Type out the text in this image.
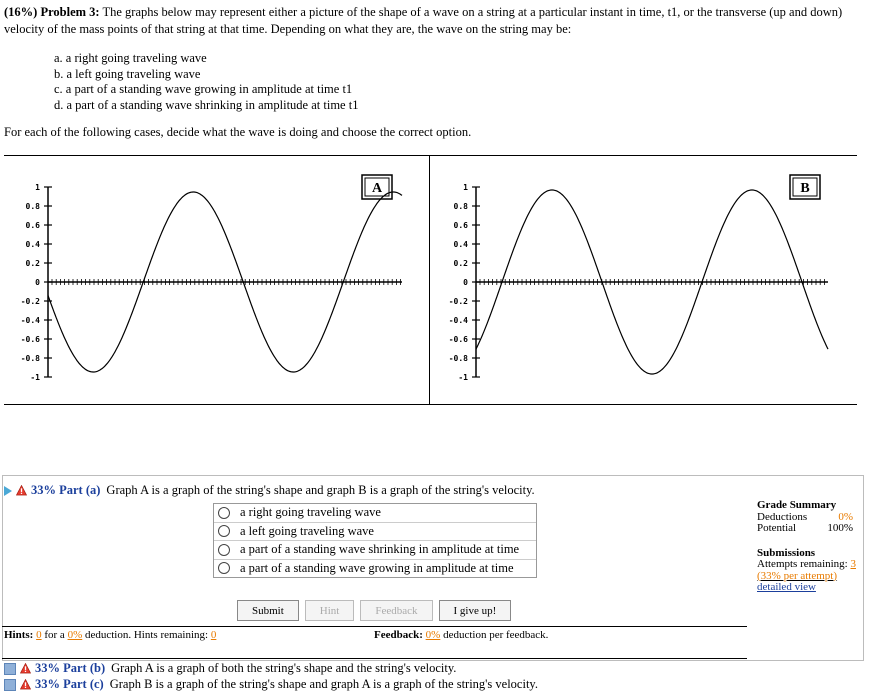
(16%) Problem 3: The graphs below may represent either a picture of the shape of a wave on a string at a particular instant in time, t1, or the transverse (up and down) velocity of the mass points of that string at that time. Depending on what they are, the wave on the string may be:
a. a right going traveling wave
b. a left going traveling wave
c. a part of a standing wave growing in amplitude at time t1
d. a part of a standing wave shrinking in amplitude at time t1
For each of the following cases, decide what the wave is doing and choose the correct option.
A
1
0.8
0.6
0.4
0.2
0
-0.2
-0.4
-0.6
-0.8
-1
B
1
0.8
0.6
0.4
0.2
0
-0.2
-0.4
-0.6
-0.8
-1
33% Part (a) Graph A is a graph of the string's shape and graph B is a graph of the string's velocity.
a right going traveling wave
a left going traveling wave
a part of a standing wave shrinking in amplitude at time
a part of a standing wave growing in amplitude at time
Grade Summary
Deductions	0%
Potential	100%
Submissions
Attempts remaining: 3
(33% per attempt)
detailed view
Submit	Hint	Feedback	I give up!
Hints: 0 for a 0% deduction. Hints remaining: 0	Feedback: 0% deduction per feedback.
33% Part (b) Graph A is a graph of both the string's shape and the string's velocity.
33% Part (c) Graph B is a graph of the string's shape and graph A is a graph of the string's velocity.
